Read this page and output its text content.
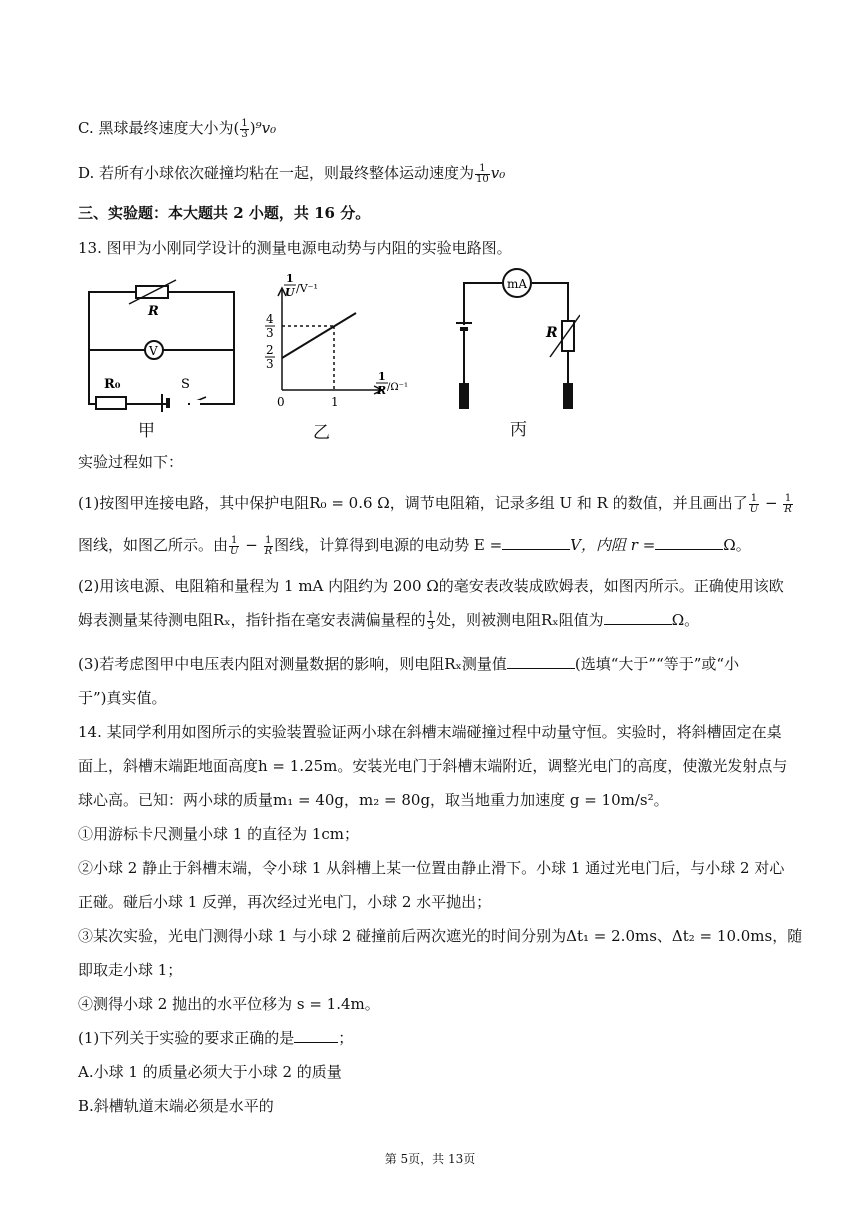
C. 黑球最终速度大小为( $\frac{1}{3} )^9v_0$
D. 若所有小球依次碰撞均粘在一起，则最终整体运动速度为 $\frac{1}{10} v_0$
三、实验题：本大题共 2 小题，共 16 分。
13. 图甲为小刚同学设计的测量电源电动势与内阻的实验电路图。
R
V
R₀	S
甲
1
U /V⁻¹
4
3
2
3
0	1
1
R /Ω⁻¹
乙
mA
R
丙
实验过程如下：
(1)按图甲连接电路，其中保护电阻R₀ = 0.6 Ω，调节电阻箱，记录多组 U 和 R 的数值，并且画出了 $\frac{1}{U} - \frac{1}{R}$
图线，如图乙所示。由 $\frac{1}{U} - \frac{1}{R}$ 图线，计算得到电源的电动势 E =	V，内阻 r =	Ω。
(2)用该电源、电阻箱和量程为 1 mA 内阻约为 200 Ω的毫安表改装成欧姆表，如图丙所示。正确使用该欧
姆表测量某待测电阻Rₓ，指针指在毫安表满偏量程的 $\frac{1}{3}$ 处，则被测电阻Rₓ阻值为	Ω。
(3)若考虑图甲中电压表内阻对测量数据的影响，则电阻Rₓ测量值	(选填“大于”“等于”或“小
于”)真实值。
14. 某同学利用如图所示的实验装置验证两小球在斜槽末端碰撞过程中动量守恒。实验时，将斜槽固定在桌
面上，斜槽末端距地面高度h = 1.25m。安装光电门于斜槽末端附近，调整光电门的高度，使激光发射点与
球心高。已知：两小球的质量m₁ = 40g，m₂ = 80g，取当地重力加速度 g = 10m/s²。
①用游标卡尺测量小球 1 的直径为 1cm；
②小球 2 静止于斜槽末端，令小球 1 从斜槽上某一位置由静止滑下。小球 1 通过光电门后，与小球 2 对心
正碰。碰后小球 1 反弹，再次经过光电门，小球 2 水平抛出；
③某次实验，光电门测得小球 1 与小球 2 碰撞前后两次遮光的时间分别为Δt₁ = 2.0ms、Δt₂ = 10.0ms，随
即取走小球 1；
④测得小球 2 抛出的水平位移为 s = 1.4m。
(1)下列关于实验的要求正确的是	；
A.小球 1 的质量必须大于小球 2 的质量
B.斜槽轨道末端必须是水平的
第 5页，共 13页
